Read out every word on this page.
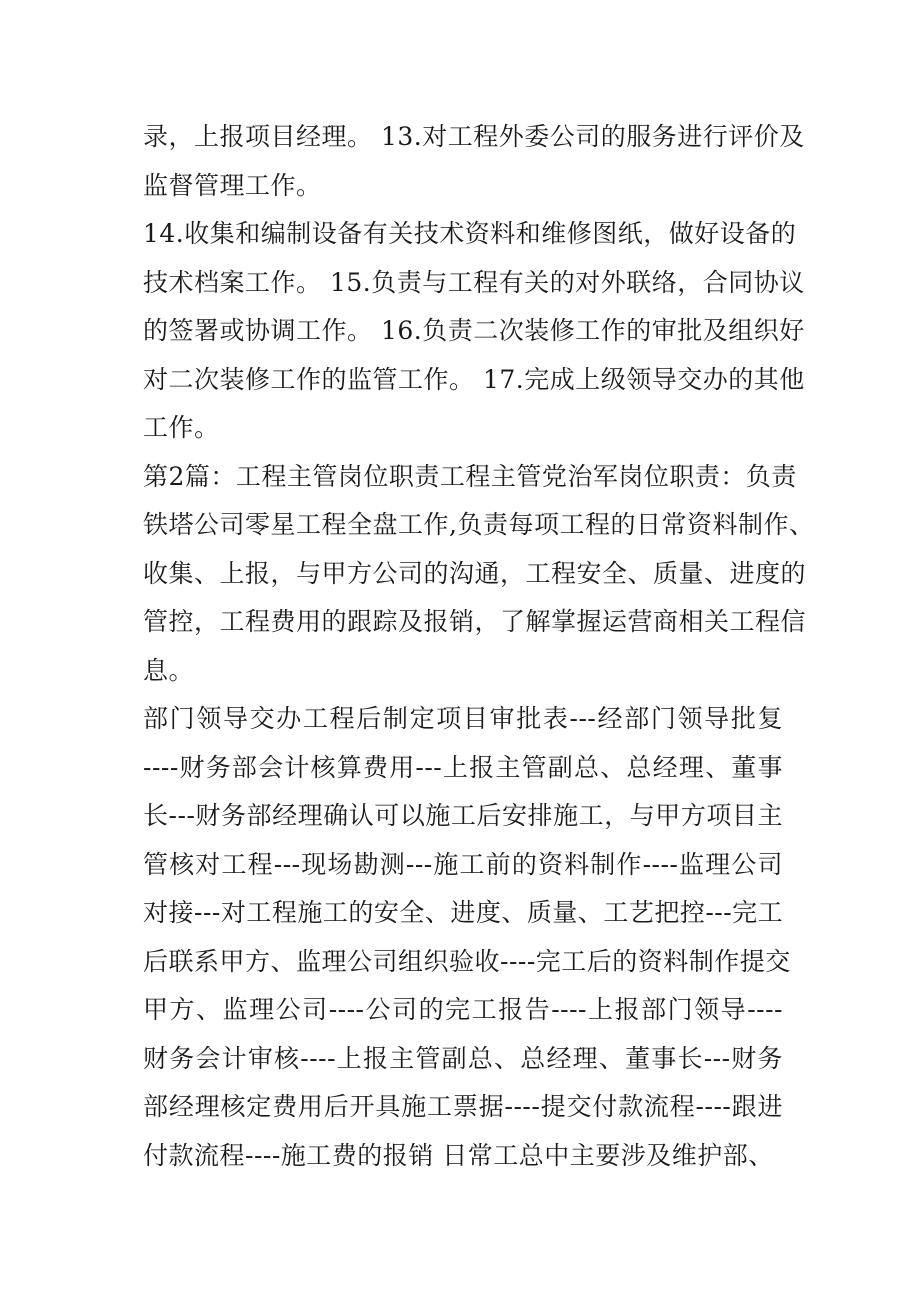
录，上报项目经理。 13.对工程外委公司的服务进行评价及
监督管理工作。
14.收集和编制设备有关技术资料和维修图纸，做好设备的
技术档案工作。 15.负责与工程有关的对外联络，合同协议
的签署或协调工作。 16.负责二次装修工作的审批及组织好
对二次装修工作的监管工作。 17.完成上级领导交办的其他
工作。
第2篇：工程主管岗位职责工程主管党治军岗位职责：负责
铁塔公司零星工程全盘工作,负责每项工程的日常资料制作、
收集、上报，与甲方公司的沟通，工程安全、质量、进度的
管控，工程费用的跟踪及报销，了解掌握运营商相关工程信
息。
部门领导交办工程后制定项目审批表---经部门领导批复
----财务部会计核算费用---上报主管副总、总经理、董事
长---财务部经理确认可以施工后安排施工，与甲方项目主
管核对工程---现场勘测---施工前的资料制作----监理公司
对接---对工程施工的安全、进度、质量、工艺把控---完工
后联系甲方、监理公司组织验收----完工后的资料制作提交
甲方、监理公司----公司的完工报告----上报部门领导----
财务会计审核----上报主管副总、总经理、董事长---财务
部经理核定费用后开具施工票据----提交付款流程----跟进
付款流程----施工费的报销 日常工总中主要涉及维护部、
